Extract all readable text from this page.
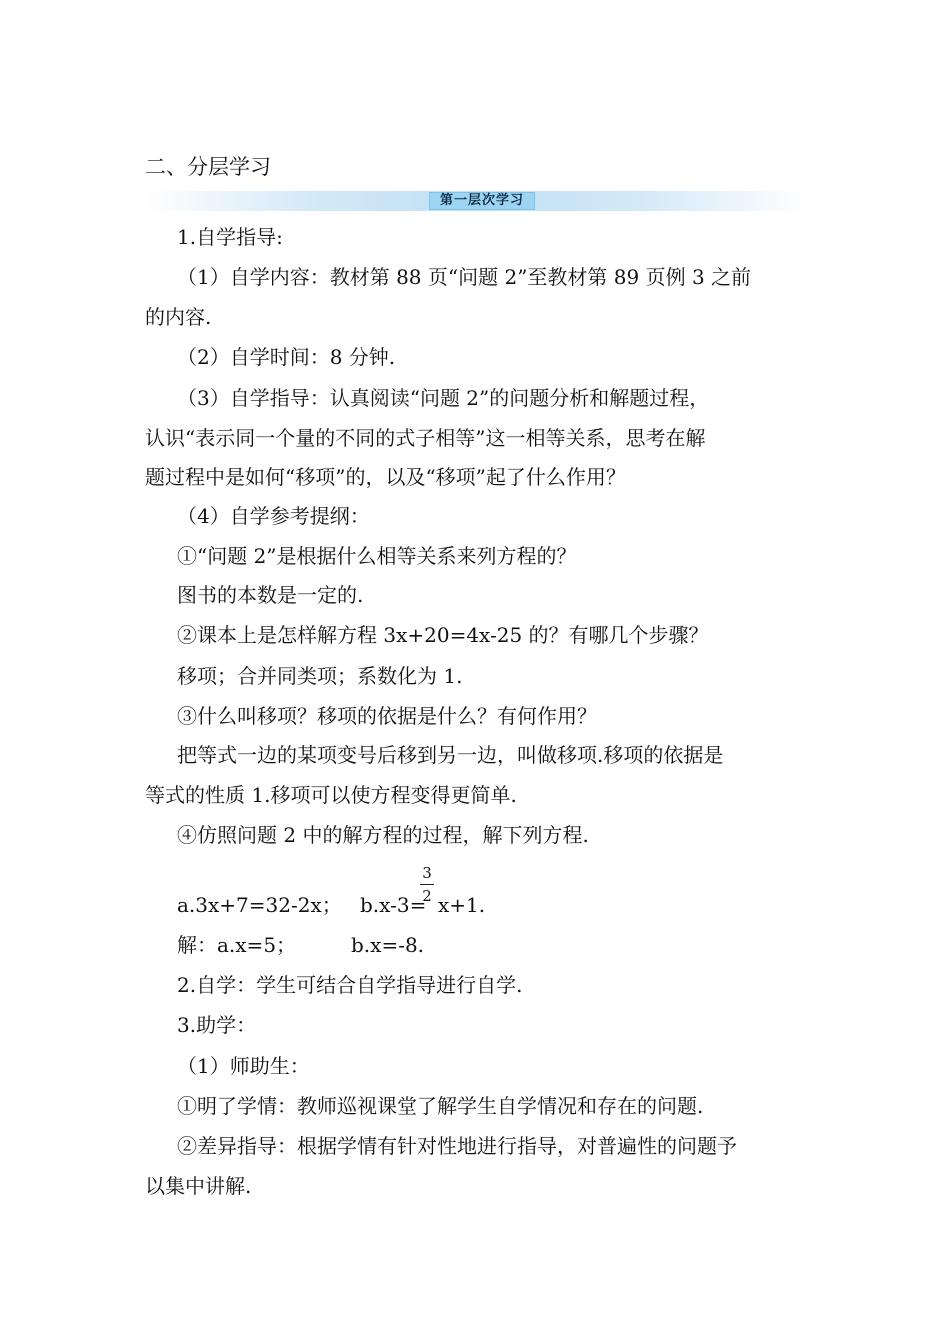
二、分层学习
第一层次学习
1.自学指导:
（1）自学内容：教材第 88 页“问题 2”至教材第 89 页例 3 之前
的内容.
（2）自学时间：8 分钟.
（3）自学指导：认真阅读“问题 2”的问题分析和解题过程，
认识“表示同一个量的不同的式子相等”这一相等关系，思考在解
题过程中是如何“移项”的，以及“移项”起了什么作用？
（4）自学参考提纲：
①“问题 2”是根据什么相等关系来列方程的？
图书的本数是一定的.
②课本上是怎样解方程 3x+20=4x-25 的？有哪几个步骤？
移项；合并同类项；系数化为 1.
③什么叫移项？移项的依据是什么？有何作用？
把等式一边的某项变号后移到另一边，叫做移项.移项的依据是
等式的性质 1.移项可以使方程变得更简单.
④仿照问题 2 中的解方程的过程，解下列方程.
a.3x+7=32-2x； b.x-3=
3
2 x+1.
解：a.x=5；	b.x=-8.
2.自学：学生可结合自学指导进行自学.
3.助学：
（1）师助生：
①明了学情：教师巡视课堂了解学生自学情况和存在的问题.
②差异指导：根据学情有针对性地进行指导，对普遍性的问题予
以集中讲解.
